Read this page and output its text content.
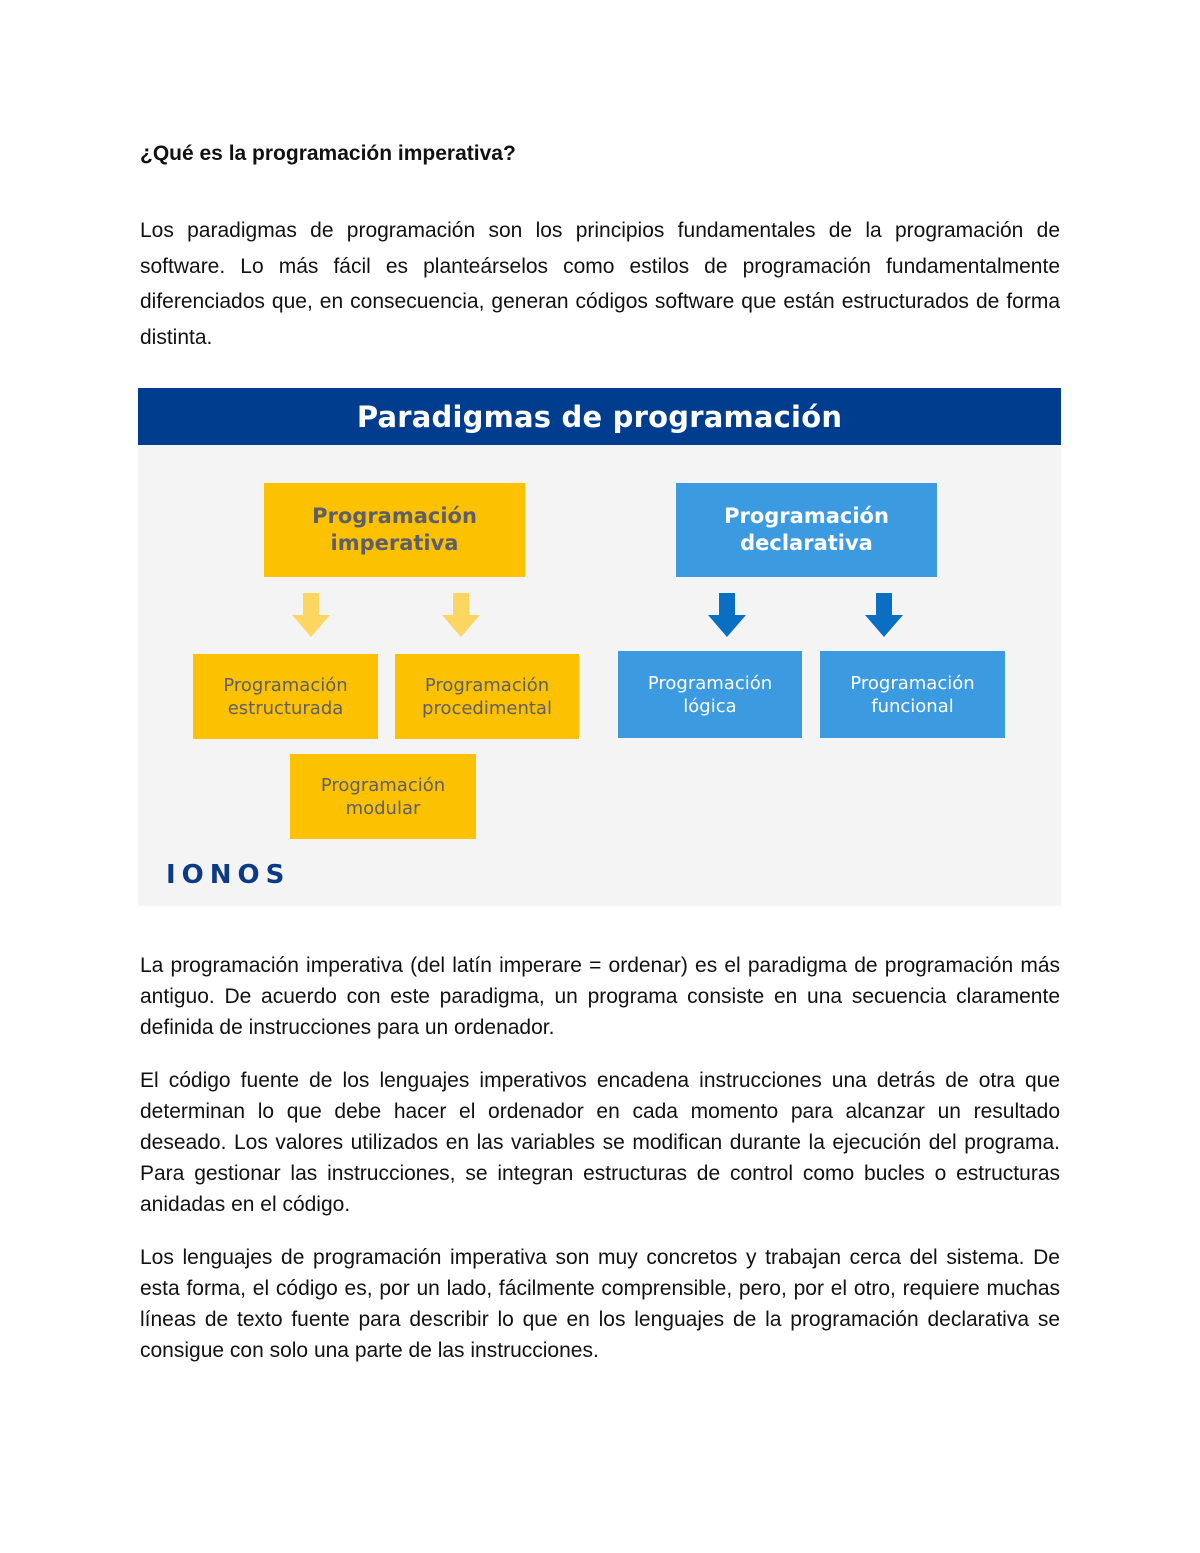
¿Qué es la programación imperativa?

Los paradigmas de programación son los principios fundamentales de la programación de software. Lo más fácil es planteárselos como estilos de programación fundamentalmente diferenciados que, en consecuencia, generan códigos software que están estructurados de forma distinta.

Paradigmas de programación
Programación
imperativa
Programación
declarativa
Programación
estructurada
Programación
procedimental
Programación
modular
Programación
lógica
Programación
funcional
IONOS

La programación imperativa (del latín imperare = ordenar) es el paradigma de programación más antiguo. De acuerdo con este paradigma, un programa consiste en una secuencia claramente definida de instrucciones para un ordenador.

El código fuente de los lenguajes imperativos encadena instrucciones una detrás de otra que determinan lo que debe hacer el ordenador en cada momento para alcanzar un resultado deseado. Los valores utilizados en las variables se modifican durante la ejecución del programa. Para gestionar las instrucciones, se integran estructuras de control como bucles o estructuras anidadas en el código.

Los lenguajes de programación imperativa son muy concretos y trabajan cerca del sistema. De esta forma, el código es, por un lado, fácilmente comprensible, pero, por el otro, requiere muchas líneas de texto fuente para describir lo que en los lenguajes de la programación declarativa se consigue con solo una parte de las instrucciones.
